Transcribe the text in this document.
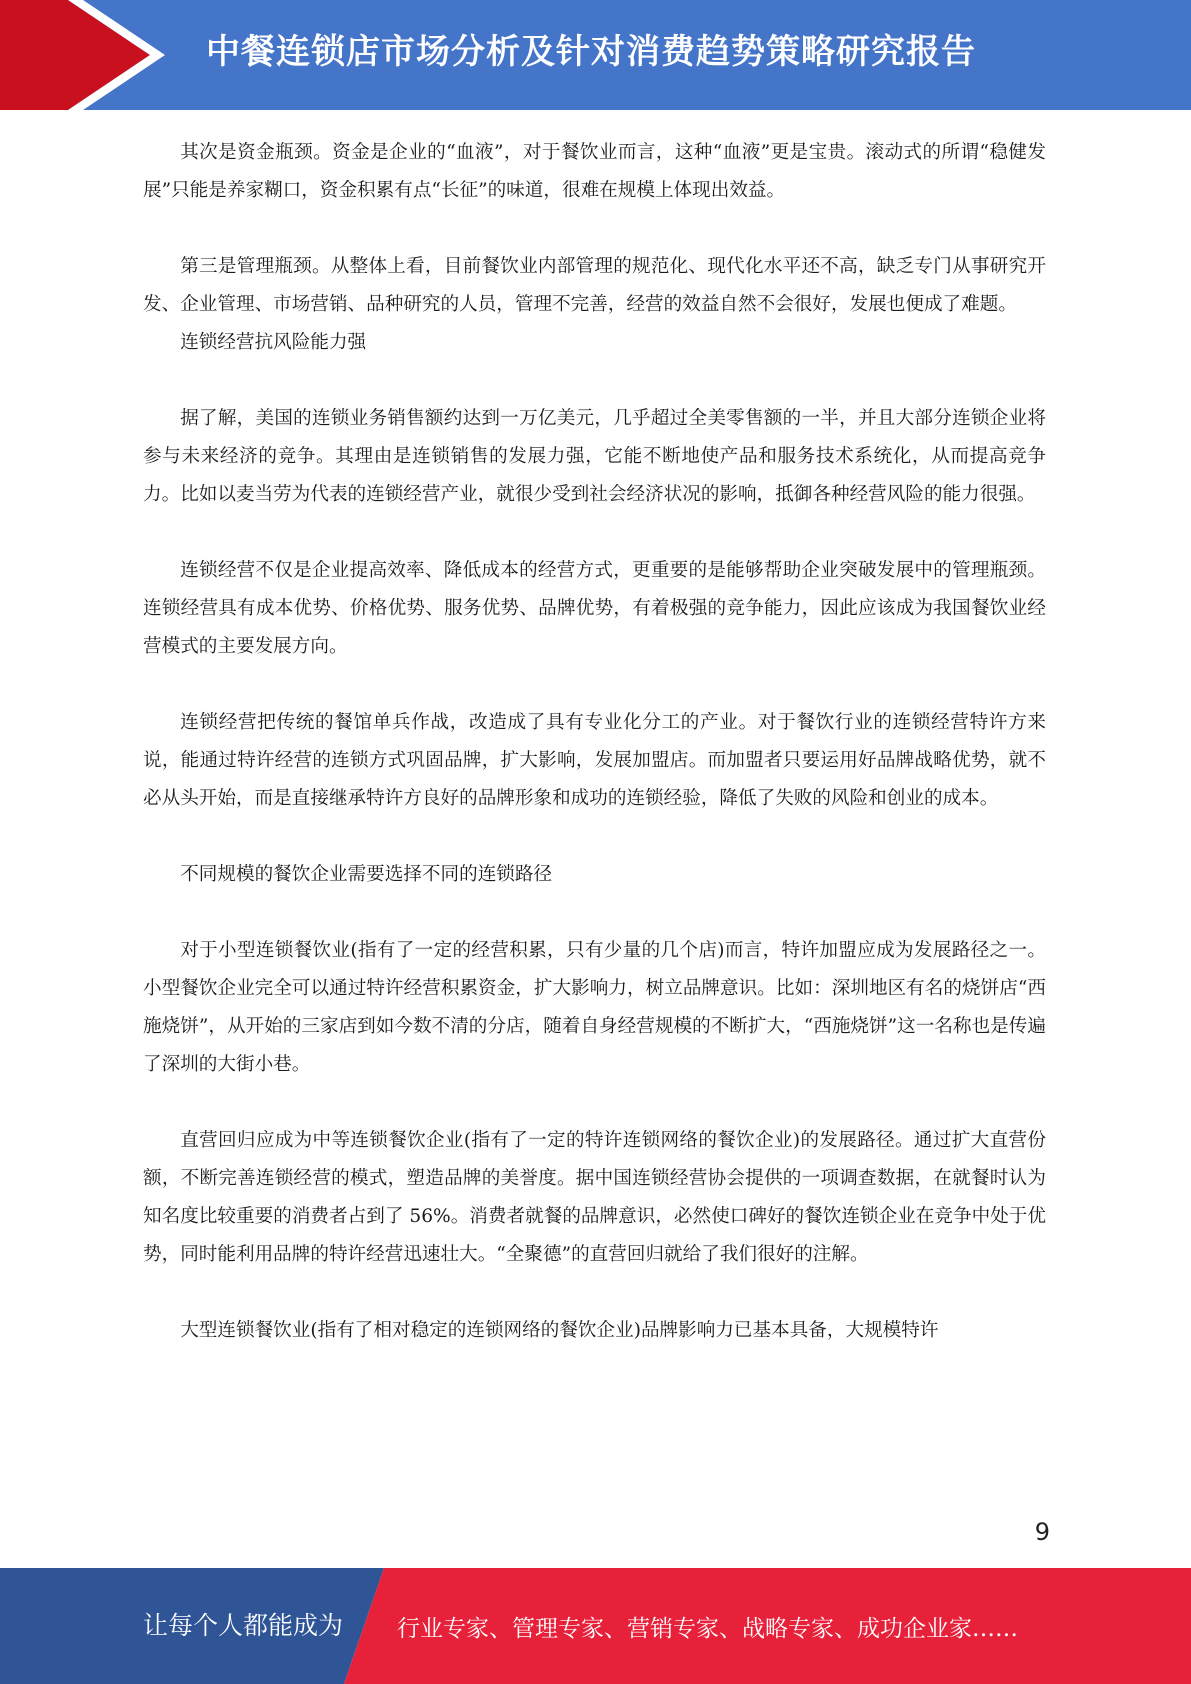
中餐连锁店市场分析及针对消费趋势策略研究报告

其次是资金瓶颈。资金是企业的“血液”，对于餐饮业而言，这种“血液”更是宝贵。滚动式的所谓“稳健发展”只能是养家糊口，资金积累有点“长征”的味道，很难在规模上体现出效益。

第三是管理瓶颈。从整体上看，目前餐饮业内部管理的规范化、现代化水平还不高，缺乏专门从事研究开发、企业管理、市场营销、品种研究的人员，管理不完善，经营的效益自然不会很好，发展也便成了难题。

连锁经营抗风险能力强

据了解，美国的连锁业务销售额约达到一万亿美元，几乎超过全美零售额的一半，并且大部分连锁企业将参与未来经济的竞争。其理由是连锁销售的发展力强，它能不断地使产品和服务技术系统化，从而提高竞争力。比如以麦当劳为代表的连锁经营产业，就很少受到社会经济状况的影响，抵御各种经营风险的能力很强。

连锁经营不仅是企业提高效率、降低成本的经营方式，更重要的是能够帮助企业突破发展中的管理瓶颈。连锁经营具有成本优势、价格优势、服务优势、品牌优势，有着极强的竞争能力，因此应该成为我国餐饮业经营模式的主要发展方向。

连锁经营把传统的餐馆单兵作战，改造成了具有专业化分工的产业。对于餐饮行业的连锁经营特许方来说，能通过特许经营的连锁方式巩固品牌，扩大影响，发展加盟店。而加盟者只要运用好品牌战略优势，就不必从头开始，而是直接继承特许方良好的品牌形象和成功的连锁经验，降低了失败的风险和创业的成本。

不同规模的餐饮企业需要选择不同的连锁路径

对于小型连锁餐饮业(指有了一定的经营积累，只有少量的几个店)而言，特许加盟应成为发展路径之一。小型餐饮企业完全可以通过特许经营积累资金，扩大影响力，树立品牌意识。比如：深圳地区有名的烧饼店“西施烧饼”，从开始的三家店到如今数不清的分店，随着自身经营规模的不断扩大，“西施烧饼”这一名称也是传遍了深圳的大街小巷。

直营回归应成为中等连锁餐饮企业(指有了一定的特许连锁网络的餐饮企业)的发展路径。通过扩大直营份额，不断完善连锁经营的模式，塑造品牌的美誉度。据中国连锁经营协会提供的一项调查数据，在就餐时认为知名度比较重要的消费者占到了 56%。消费者就餐的品牌意识，必然使口碑好的餐饮连锁企业在竞争中处于优势，同时能利用品牌的特许经营迅速壮大。“全聚德”的直营回归就给了我们很好的注解。

大型连锁餐饮业(指有了相对稳定的连锁网络的餐饮企业)品牌影响力已基本具备，大规模特许

9
让每个人都能成为 行业专家、管理专家、营销专家、战略专家、成功企业家……
